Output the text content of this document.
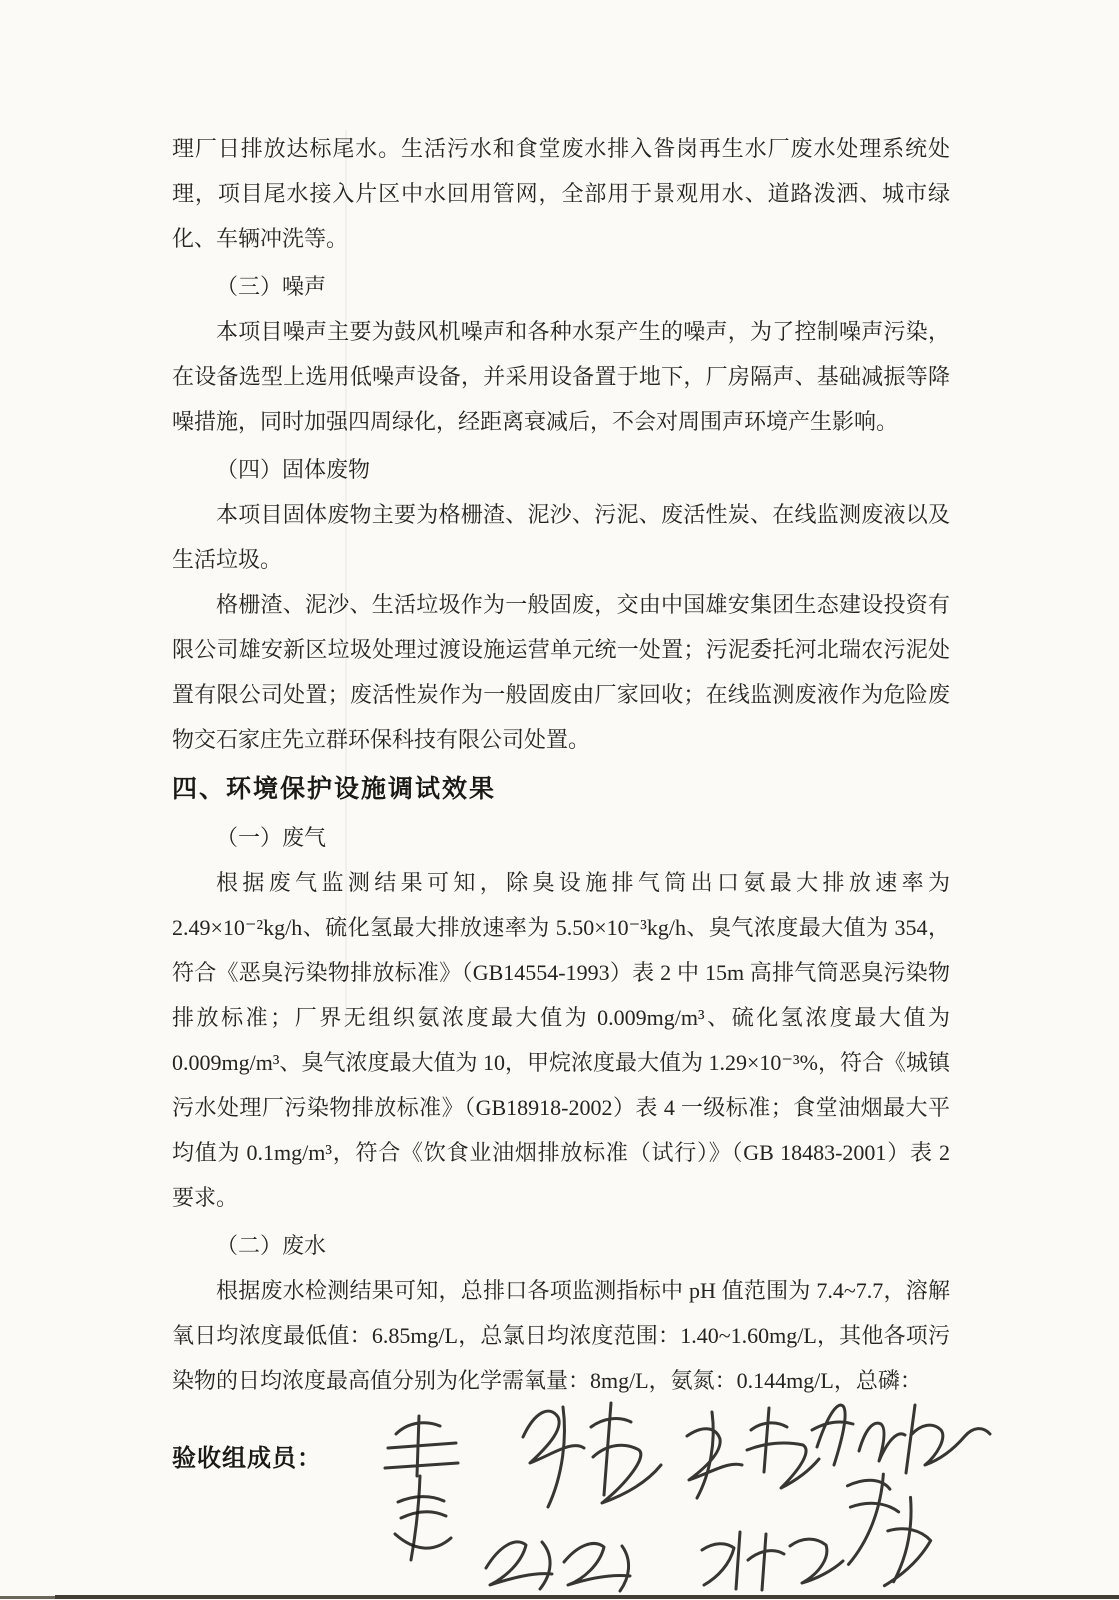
理厂日排放达标尾水。生活污水和食堂废水排入昝岗再生水厂废水处理系统处理，项目尾水接入片区中水回用管网，全部用于景观用水、道路泼洒、城市绿化、车辆冲洗等。

（三）噪声

本项目噪声主要为鼓风机噪声和各种水泵产生的噪声，为了控制噪声污染，在设备选型上选用低噪声设备，并采用设备置于地下，厂房隔声、基础减振等降噪措施，同时加强四周绿化，经距离衰减后，不会对周围声环境产生影响。

（四）固体废物

本项目固体废物主要为格栅渣、泥沙、污泥、废活性炭、在线监测废液以及生活垃圾。

格栅渣、泥沙、生活垃圾作为一般固废，交由中国雄安集团生态建设投资有限公司雄安新区垃圾处理过渡设施运营单元统一处置；污泥委托河北瑞农污泥处置有限公司处置；废活性炭作为一般固废由厂家回收；在线监测废液作为危险废物交石家庄先立群环保科技有限公司处置。

四、环境保护设施调试效果

（一）废气

根据废气监测结果可知，除臭设施排气筒出口氨最大排放速率为 2.49×10⁻²kg/h、硫化氢最大排放速率为 5.50×10⁻³kg/h、臭气浓度最大值为 354，符合《恶臭污染物排放标准》（GB14554-1993）表 2 中 15m 高排气筒恶臭污染物排放标准；厂界无组织氨浓度最大值为 0.009mg/m³、硫化氢浓度最大值为 0.009mg/m³、臭气浓度最大值为 10，甲烷浓度最大值为 1.29×10⁻³%，符合《城镇污水处理厂污染物排放标准》（GB18918-2002）表 4 一级标准；食堂油烟最大平均值为 0.1mg/m³，符合《饮食业油烟排放标准（试行）》（GB 18483-2001）表 2 要求。

（二）废水

根据废水检测结果可知，总排口各项监测指标中 pH 值范围为 7.4~7.7，溶解氧日均浓度最低值：6.85mg/L，总氯日均浓度范围：1.40~1.60mg/L，其他各项污染物的日均浓度最高值分别为化学需氧量：8mg/L，氨氮：0.144mg/L，总磷：

验收组成员：
